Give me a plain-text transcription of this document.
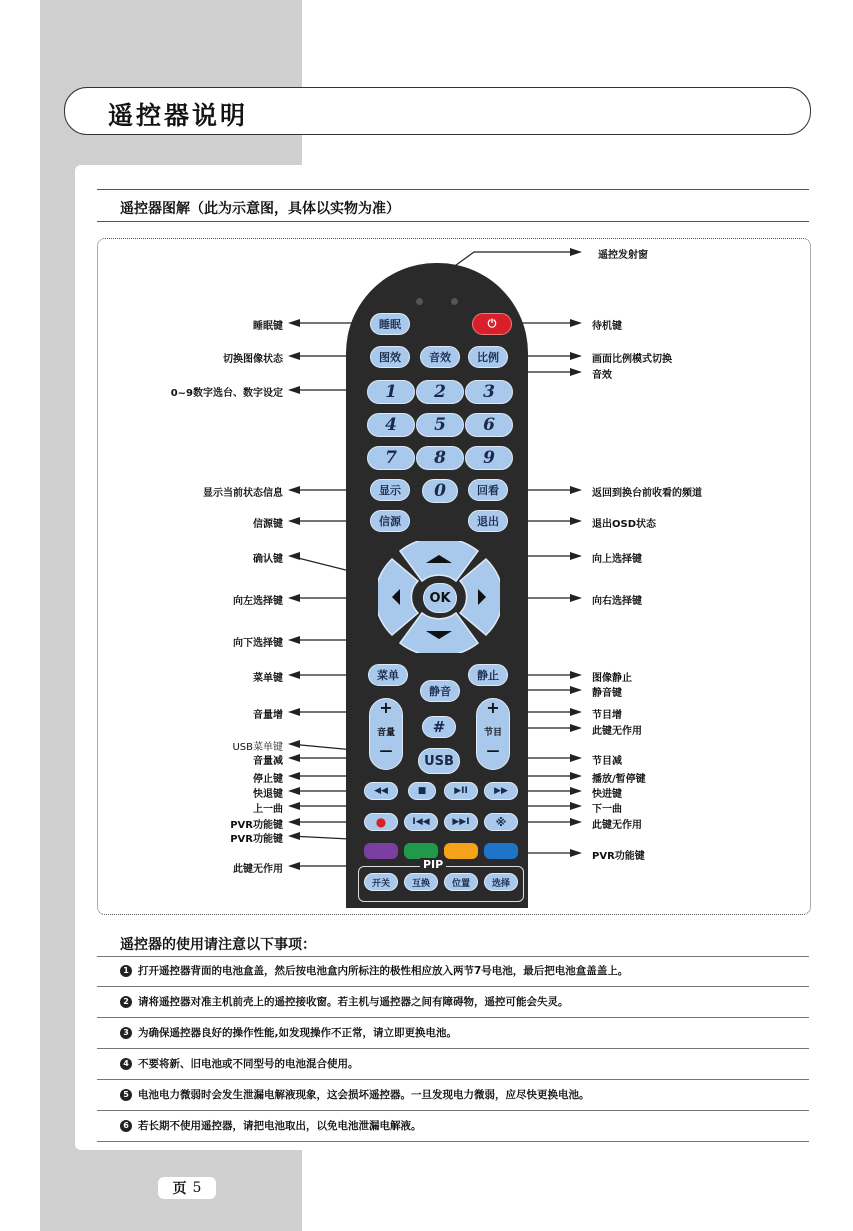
遥控器说明
遥控器图解（此为示意图，具体以实物为准）
睡眠	⏻
图效	音效	比例
1	2	3
4	5	6
7	8	9
0
显示	回看
信源	退出
OK
菜单	静止
静音
+
音量
—
+
节目
—
#
USB
◀◀	■	▶II	▶▶
●	I◀◀	▶▶I	※
PIP
开关	互换	位置	选择
睡眠键
切换图像状态
0~9数字选台、数字设定
显示当前状态信息
信源键
确认键
向左选择键
向下选择键
菜单键
音量增
USB菜单键
音量减
停止键
快退键
上一曲
PVR功能键
PVR功能键
此键无作用
遥控发射窗
待机键
画面比例模式切换
音效
返回到换台前收看的频道
退出OSD状态
向上选择键
向右选择键
图像静止
静音键
节目增
此键无作用
节目减
播放/暂停键
快进键
下一曲
此键无作用
PVR功能键
遥控器的使用请注意以下事项：
1 打开遥控器背面的电池盒盖，然后按电池盒内所标注的极性相应放入两节7号电池，最后把电池盒盖盖上。
2 请将遥控器对准主机前壳上的遥控接收窗。若主机与遥控器之间有障碍物，遥控可能会失灵。
3 为确保遥控器良好的操作性能,如发现操作不正常，请立即更换电池。
4 不要将新、旧电池或不同型号的电池混合使用。
5 电池电力微弱时会发生泄漏电解液现象，这会损坏遥控器。一旦发现电力微弱，应尽快更换电池。
6 若长期不使用遥控器，请把电池取出，以免电池泄漏电解液。
页 5
